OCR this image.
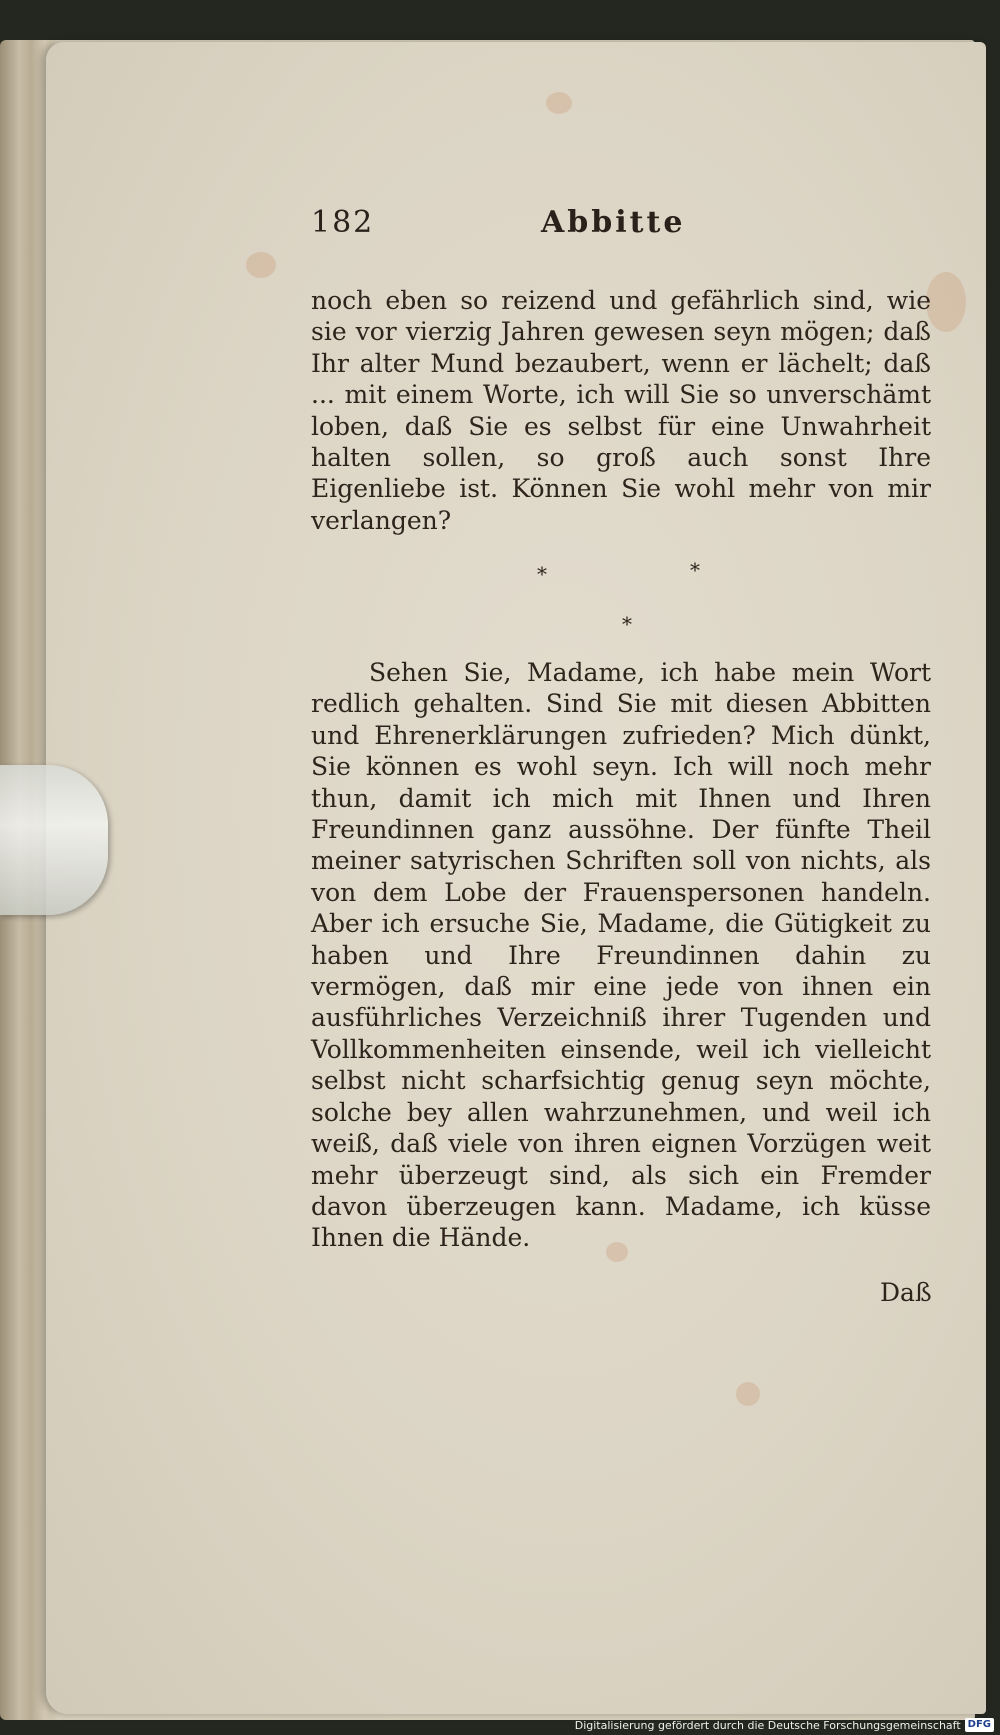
182	Abbitte
noch eben so reizend und gefährlich sind, wie sie vor vierzig Jahren gewesen seyn mögen; daß Ihr alter Mund bezaubert, wenn er lächelt; daß ... mit einem Worte, ich will Sie so unverschämt loben, daß Sie es selbst für eine Unwahrheit halten sollen, so groß auch sonst Ihre Eigenliebe ist. Können Sie wohl mehr von mir verlangen?
*	*
*
Sehen Sie, Madame, ich habe mein Wort redlich gehalten. Sind Sie mit diesen Abbitten und Ehrenerklärungen zufrieden? Mich dünkt, Sie können es wohl seyn. Ich will noch mehr thun, damit ich mich mit Ihnen und Ihren Freundinnen ganz aussöhne. Der fünfte Theil meiner satyrischen Schriften soll von nichts, als von dem Lobe der Frauenspersonen handeln. Aber ich ersuche Sie, Madame, die Gütigkeit zu haben und Ihre Freundinnen dahin zu vermögen, daß mir eine jede von ihnen ein ausführliches Verzeichniß ihrer Tugenden und Vollkommenheiten einsende, weil ich vielleicht selbst nicht scharfsichtig genug seyn möchte, solche bey allen wahrzunehmen, und weil ich weiß, daß viele von ihren eignen Vorzügen weit mehr überzeugt sind, als sich ein Fremder davon überzeugen kann. Madame, ich küsse Ihnen die Hände.
Daß
Digitalisierung gefördert durch die Deutsche Forschungsgemeinschaft DFG
